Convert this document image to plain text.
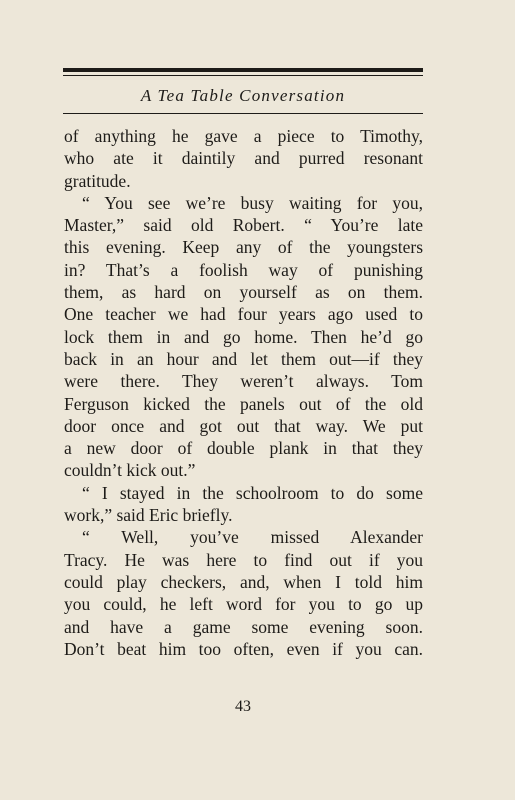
A Tea Table Conversation
of anything he gave a piece to Timothy,
who ate it daintily and purred resonant
gratitude.
“ You see we’re busy waiting for you,
Master,” said old Robert. “ You’re late
this evening. Keep any of the youngsters
in? That’s a foolish way of punishing
them, as hard on yourself as on them.
One teacher we had four years ago used to
lock them in and go home. Then he’d go
back in an hour and let them out—if they
were there. They weren’t always. Tom
Ferguson kicked the panels out of the old
door once and got out that way. We put
a new door of double plank in that they
couldn’t kick out.”
“ I stayed in the schoolroom to do some
work,” said Eric briefly.
“ Well, you’ve missed Alexander
Tracy. He was here to find out if you
could play checkers, and, when I told him
you could, he left word for you to go up
and have a game some evening soon.
Don’t beat him too often, even if you can.
43
